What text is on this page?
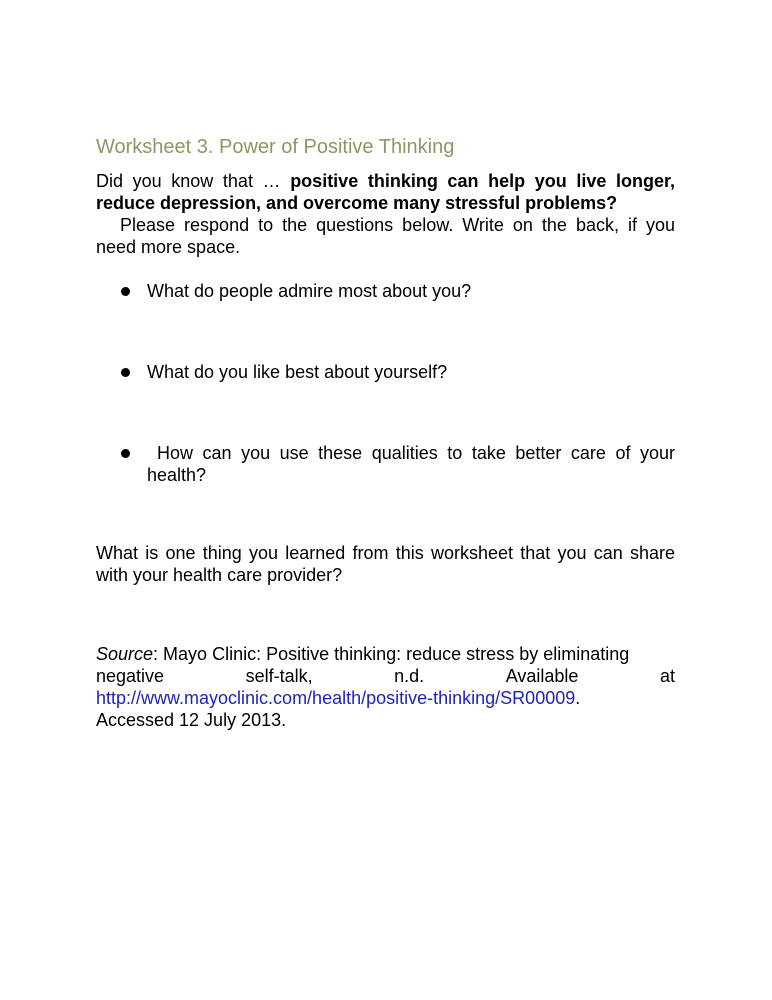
Worksheet 3. Power of Positive Thinking
Did you know that … positive thinking can help you live longer, reduce depression, and overcome many stressful problems?
Please respond to the questions below. Write on the back, if you need more space.
What do people admire most about you?
What do you like best about yourself?
How can you use these qualities to take better care of your health?
What is one thing you learned from this worksheet that you can share with your health care provider?
Source: Mayo Clinic: Positive thinking: reduce stress by eliminating
negative	self-talk,	n.d.	Available	at
http://www.mayoclinic.com/health/positive-thinking/SR00009.
Accessed 12 July 2013.
